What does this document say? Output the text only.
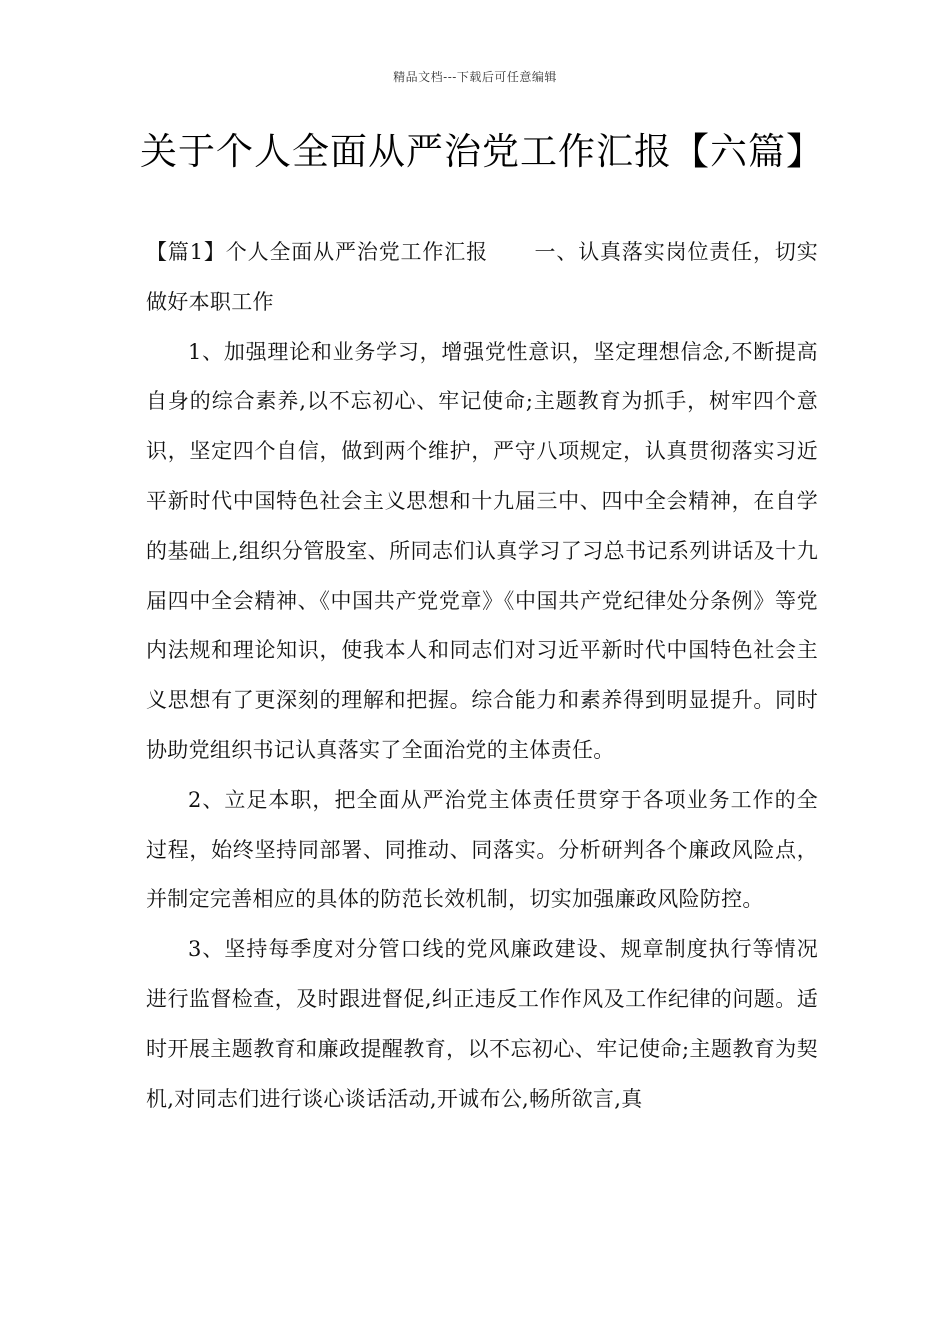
精品文档---下载后可任意编辑
关于个人全面从严治党工作汇报【六篇】

【篇1】个人全面从严治党工作汇报 一、认真落实岗位责任，切实做好本职工作

1、加强理论和业务学习，增强党性意识，坚定理想信念,不断提高自身的综合素养,以不忘初心、牢记使命;主题教育为抓手，树牢四个意识，坚定四个自信，做到两个维护，严守八项规定，认真贯彻落实习近平新时代中国特色社会主义思想和十九届三中、四中全会精神，在自学的基础上,组织分管股室、所同志们认真学习了习总书记系列讲话及十九届四中全会精神、《中国共产党党章》《中国共产党纪律处分条例》等党内法规和理论知识，使我本人和同志们对习近平新时代中国特色社会主义思想有了更深刻的理解和把握。综合能力和素养得到明显提升。同时协助党组织书记认真落实了全面治党的主体责任。

2、立足本职，把全面从严治党主体责任贯穿于各项业务工作的全过程，始终坚持同部署、同推动、同落实。分析研判各个廉政风险点，并制定完善相应的具体的防范长效机制，切实加强廉政风险防控。

3、坚持每季度对分管口线的党风廉政建设、规章制度执行等情况进行监督检查，及时跟进督促,纠正违反工作作风及工作纪律的问题。适时开展主题教育和廉政提醒教育，以不忘初心、牢记使命;主题教育为契机,对同志们进行谈心谈话活动,开诚布公,畅所欲言,真
